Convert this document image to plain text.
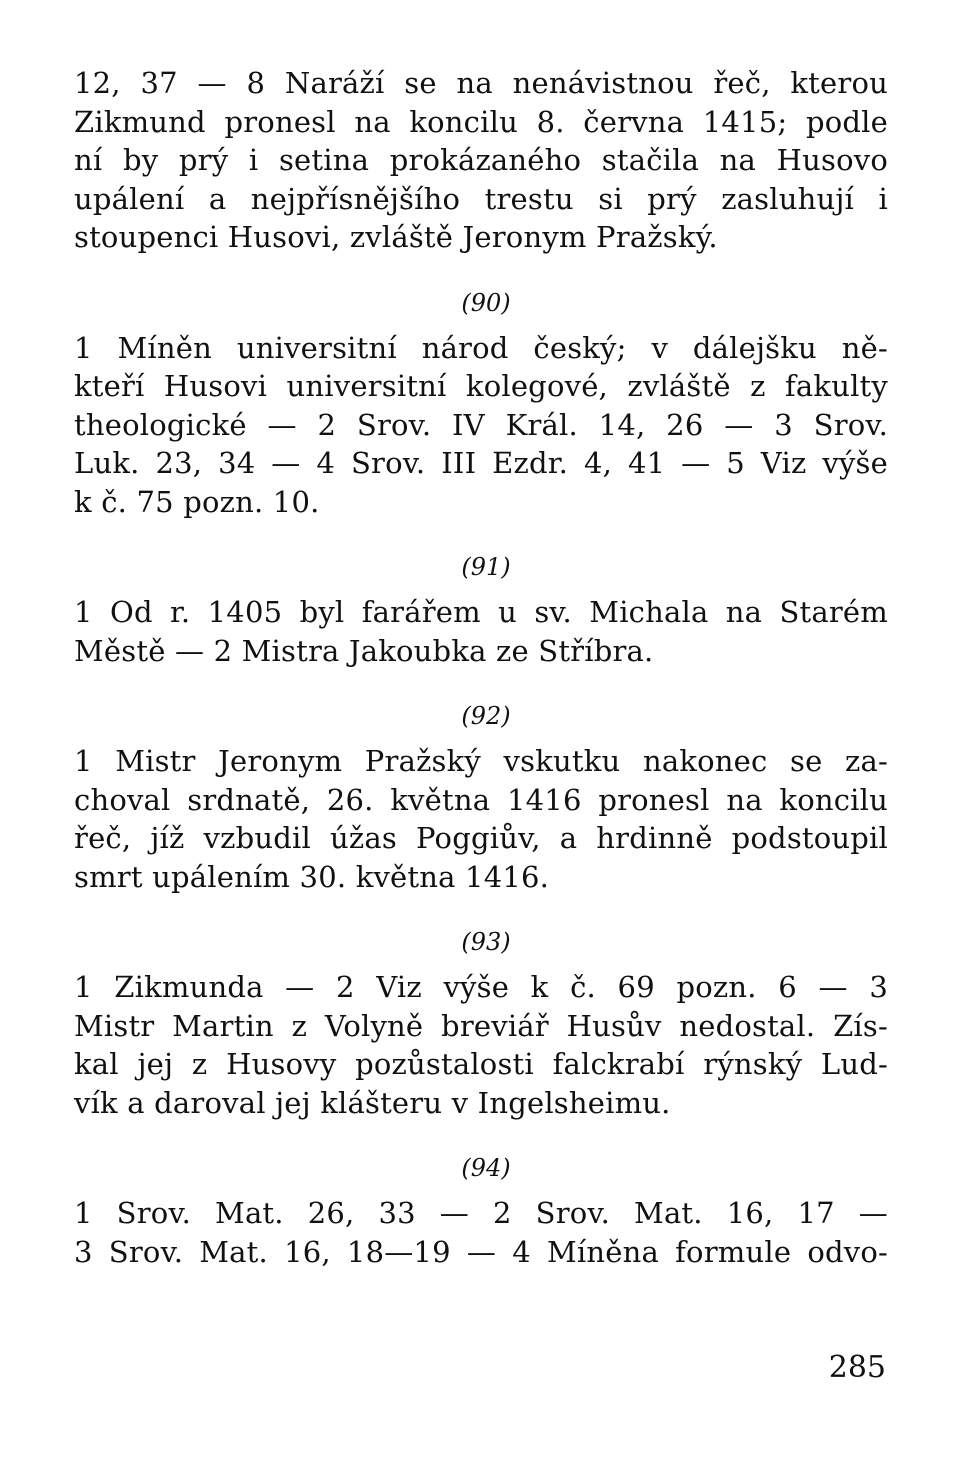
12, 37 — 8 Naráží se na nenávistnou řeč, kterou
Zikmund pronesl na koncilu 8. června 1415; podle
ní by prý i setina prokázaného stačila na Husovo
upálení a nejpřísnějšího trestu si prý zasluhují i
stoupenci Husovi, zvláště Jeronym Pražský.
(90)
1 Míněn universitní národ český; v dálejšku ně-
kteří Husovi universitní kolegové, zvláště z fakulty
theologické — 2 Srov. IV Král. 14, 26 — 3 Srov.
Luk. 23, 34 — 4 Srov. III Ezdr. 4, 41 — 5 Viz výše
k č. 75 pozn. 10.
(91)
1 Od r. 1405 byl farářem u sv. Michala na Starém
Městě — 2 Mistra Jakoubka ze Stříbra.
(92)
1 Mistr Jeronym Pražský vskutku nakonec se za-
choval srdnatě, 26. května 1416 pronesl na koncilu
řeč, jíž vzbudil úžas Poggiův, a hrdinně podstoupil
smrt upálením 30. května 1416.
(93)
1 Zikmunda — 2 Viz výše k č. 69 pozn. 6 — 3
Mistr Martin z Volyně breviář Husův nedostal. Zís-
kal jej z Husovy pozůstalosti falckrabí rýnský Lud-
vík a daroval jej klášteru v Ingelsheimu.
(94)
1 Srov. Mat. 26, 33 — 2 Srov. Mat. 16, 17 —
3 Srov. Mat. 16, 18—19 — 4 Míněna formule odvo-
285
